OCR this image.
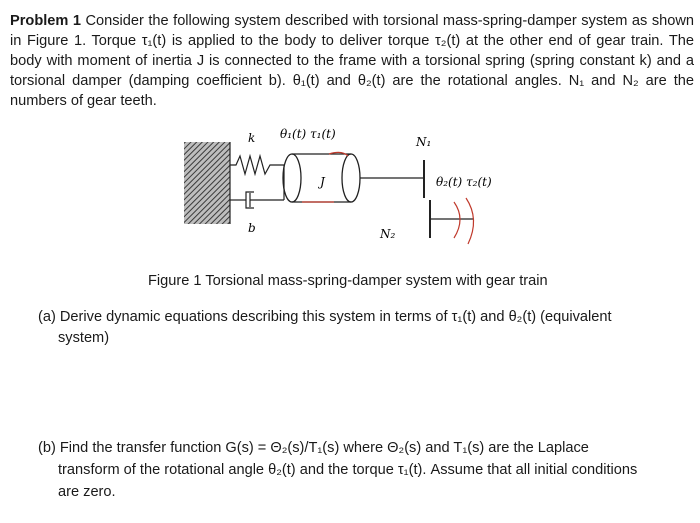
Problem 1 Consider the following system described with torsional mass-spring-damper system as shown in Figure 1. Torque τ₁(t) is applied to the body to deliver torque τ₂(t) at the other end of gear train. The body with moment of inertia J is connected to the frame with a torsional spring (spring constant k) and a torsional damper (damping coefficient b). θ₁(t) and θ₂(t) are the rotational angles. N₁ and N₂ are the numbers of gear teeth.
J
k
b
θ₁(t) τ₁(t)
N₁
N₂
θ₂(t) τ₂(t)
Figure 1 Torsional mass-spring-damper system with gear train
(a) Derive dynamic equations describing this system in terms of τ₁(t) and θ₂(t) (equivalent
system)
(b) Find the transfer function G(s) = Θ₂(s)/T₁(s) where Θ₂(s) and T₁(s) are the Laplace
transform of the rotational angle θ₂(t) and the torque τ₁(t). Assume that all initial conditions
are zero.
